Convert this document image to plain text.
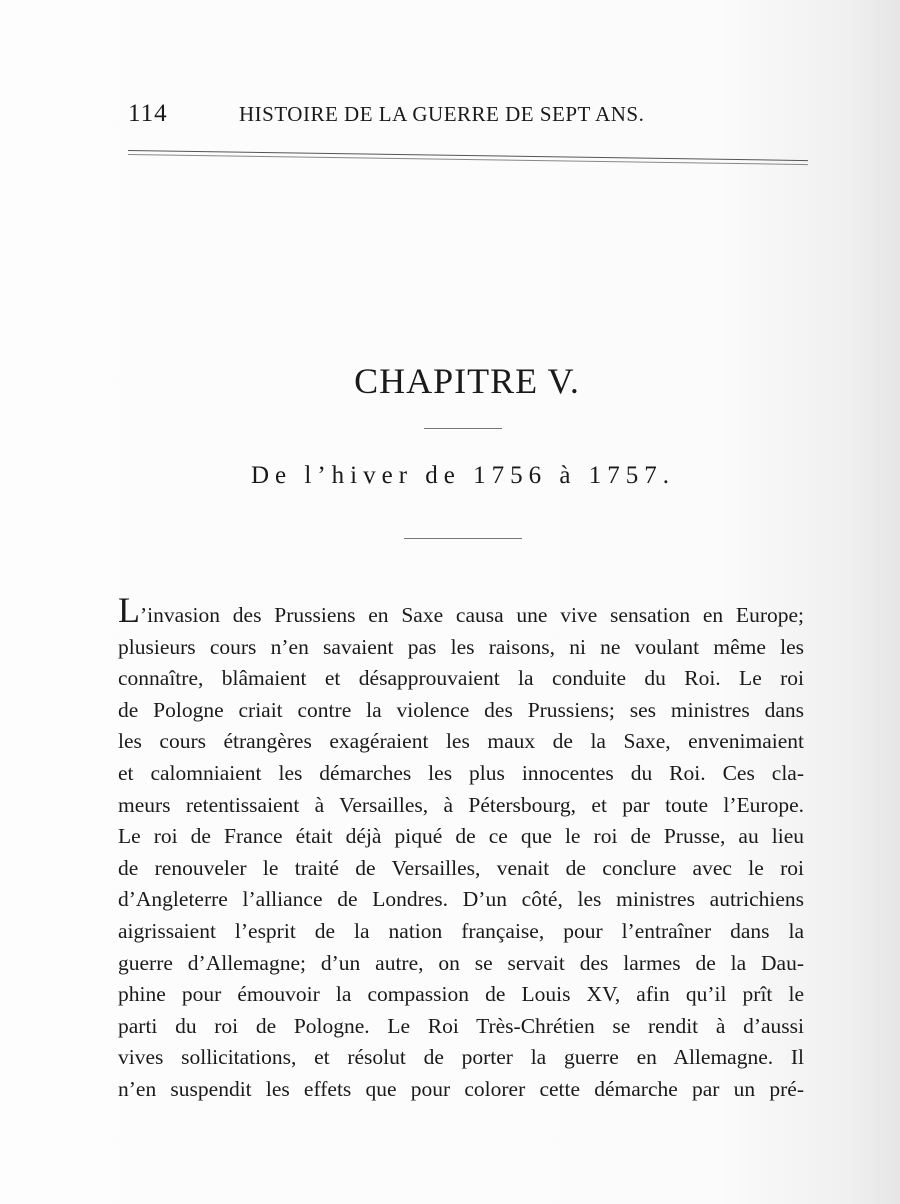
114	HISTOIRE DE LA GUERRE DE SEPT ANS.
CHAPITRE V.
De l’hiver de 1756 à 1757.
L’invasion des Prussiens en Saxe causa une vive sensation en Europe;
plusieurs cours n’en savaient pas les raisons, ni ne voulant même les
connaître, blâmaient et désapprouvaient la conduite du Roi. Le roi
de Pologne criait contre la violence des Prussiens; ses ministres dans
les cours étrangères exagéraient les maux de la Saxe, envenimaient
et calomniaient les démarches les plus innocentes du Roi. Ces cla-
meurs retentissaient à Versailles, à Pétersbourg, et par toute l’Europe.
Le roi de France était déjà piqué de ce que le roi de Prusse, au lieu
de renouveler le traité de Versailles, venait de conclure avec le roi
d’Angleterre l’alliance de Londres. D’un côté, les ministres autrichiens
aigrissaient l’esprit de la nation française, pour l’entraîner dans la
guerre d’Allemagne; d’un autre, on se servait des larmes de la Dau-
phine pour émouvoir la compassion de Louis XV, afin qu’il prît le
parti du roi de Pologne. Le Roi Très-Chrétien se rendit à d’aussi
vives sollicitations, et résolut de porter la guerre en Allemagne. Il
n’en suspendit les effets que pour colorer cette démarche par un pré-
